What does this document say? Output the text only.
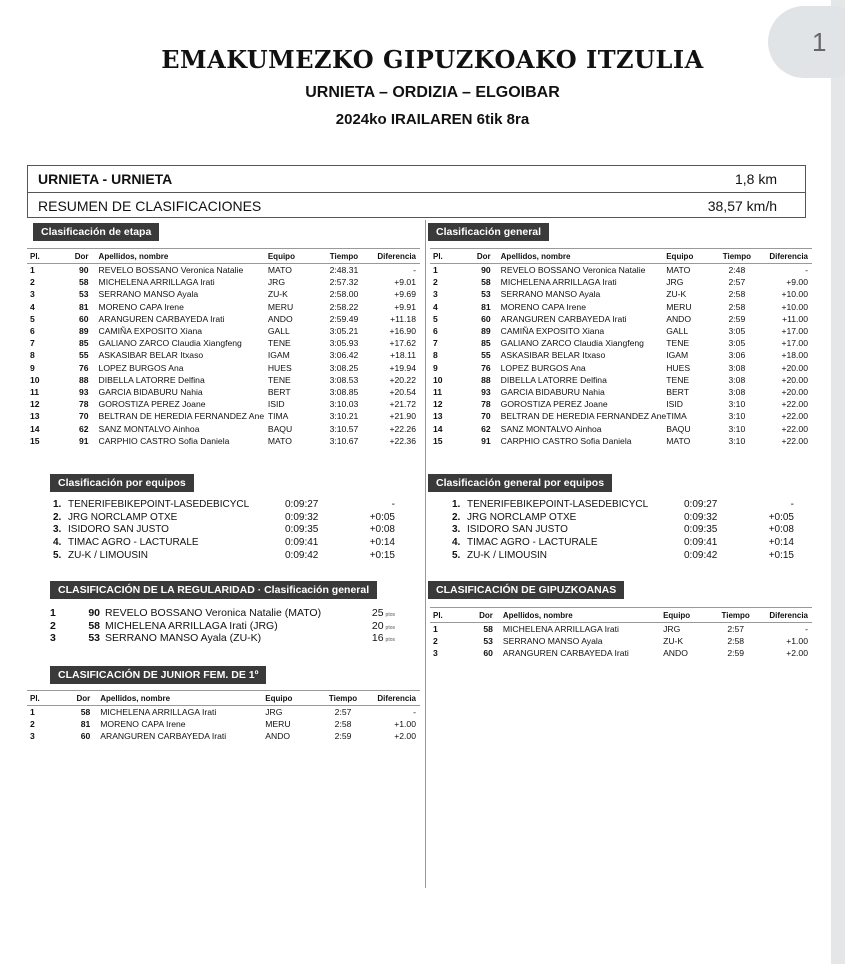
1
EMAKUMEZKO GIPUZKOAKO ITZULIA
URNIETA – ORDIZIA – ELGOIBAR
2024ko IRAILAREN 6tik 8ra
URNIETA - URNIETA	1,8 km
RESUMEN DE CLASIFICACIONES	38,57 km/h
Clasificación de etapa
Pl.	Dor	Apellidos, nombre	Equipo	Tiempo	Diferencia
1	90	REVELO BOSSANO Veronica Natalie	MATO	2:48.31	-
2	58	MICHELENA ARRILLAGA Irati	JRG	2:57.32	+9.01
3	53	SERRANO MANSO Ayala	ZU-K	2:58.00	+9.69
4	81	MORENO CAPA Irene	MERU	2:58.22	+9.91
5	60	ARANGUREN CARBAYEDA Irati	ANDO	2:59.49	+11.18
6	89	CAMIÑA EXPOSITO Xiana	GALL	3:05.21	+16.90
7	85	GALIANO ZARCO Claudia Xiangfeng	TENE	3:05.93	+17.62
8	55	ASKASIBAR BELAR Itxaso	IGAM	3:06.42	+18.11
9	76	LOPEZ BURGOS Ana	HUES	3:08.25	+19.94
10	88	DIBELLA LATORRE Delfina	TENE	3:08.53	+20.22
11	93	GARCIA BIDABURU Nahia	BERT	3:08.85	+20.54
12	78	GOROSTIZA PEREZ Joane	ISID	3:10.03	+21.72
13	70	BELTRAN DE HEREDIA FERNANDEZ Ane	TIMA	3:10.21	+21.90
14	62	SANZ MONTALVO Ainhoa	BAQU	3:10.57	+22.26
15	91	CARPHIO CASTRO Sofia Daniela	MATO	3:10.67	+22.36
Clasificación general
Pl.	Dor	Apellidos, nombre	Equipo	Tiempo	Diferencia
1	90	REVELO BOSSANO Veronica Natalie	MATO	2:48	-
2	58	MICHELENA ARRILLAGA Irati	JRG	2:57	+9.00
3	53	SERRANO MANSO Ayala	ZU-K	2:58	+10.00
4	81	MORENO CAPA Irene	MERU	2:58	+10.00
5	60	ARANGUREN CARBAYEDA Irati	ANDO	2:59	+11.00
6	89	CAMIÑA EXPOSITO Xiana	GALL	3:05	+17.00
7	85	GALIANO ZARCO Claudia Xiangfeng	TENE	3:05	+17.00
8	55	ASKASIBAR BELAR Itxaso	IGAM	3:06	+18.00
9	76	LOPEZ BURGOS Ana	HUES	3:08	+20.00
10	88	DIBELLA LATORRE Delfina	TENE	3:08	+20.00
11	93	GARCIA BIDABURU Nahia	BERT	3:08	+20.00
12	78	GOROSTIZA PEREZ Joane	ISID	3:10	+22.00
13	70	BELTRAN DE HEREDIA FERNANDEZ Ane	TIMA	3:10	+22.00
14	62	SANZ MONTALVO Ainhoa	BAQU	3:10	+22.00
15	91	CARPHIO CASTRO Sofia Daniela	MATO	3:10	+22.00
Clasificación por equipos
1. TENERIFEBIKEPOINT-LASEDEBICYCL	0:09:27	-
2. JRG NORCLAMP OTXE	0:09:32	+0:05
3. ISIDORO SAN JUSTO	0:09:35	+0:08
4. TIMAC AGRO - LACTURALE	0:09:41	+0:14
5. ZU-K / LIMOUSIN	0:09:42	+0:15
Clasificación general por equipos
1. TENERIFEBIKEPOINT-LASEDEBICYCL	0:09:27	-
2. JRG NORCLAMP OTXE	0:09:32	+0:05
3. ISIDORO SAN JUSTO	0:09:35	+0:08
4. TIMAC AGRO - LACTURALE	0:09:41	+0:14
5. ZU-K / LIMOUSIN	0:09:42	+0:15
CLASIFICACIÓN DE LA REGULARIDAD · Clasificación general
1	90 REVELO BOSSANO Veronica Natalie (MATO)	25 ptos
2	58 MICHELENA ARRILLAGA Irati (JRG)	20 ptos
3	53 SERRANO MANSO Ayala (ZU-K)	16 ptos
CLASIFICACIÓN DE GIPUZKOANAS
Pl.	Dor	Apellidos, nombre	Equipo	Tiempo	Diferencia
1	58	MICHELENA ARRILLAGA Irati	JRG	2:57	-
2	53	SERRANO MANSO Ayala	ZU-K	2:58	+1.00
3	60	ARANGUREN CARBAYEDA Irati	ANDO	2:59	+2.00
CLASIFICACIÓN DE JUNIOR FEM. DE 1º
Pl.	Dor	Apellidos, nombre	Equipo	Tiempo	Diferencia
1	58	MICHELENA ARRILLAGA Irati	JRG	2:57	-
2	81	MORENO CAPA Irene	MERU	2:58	+1.00
3	60	ARANGUREN CARBAYEDA Irati	ANDO	2:59	+2.00
